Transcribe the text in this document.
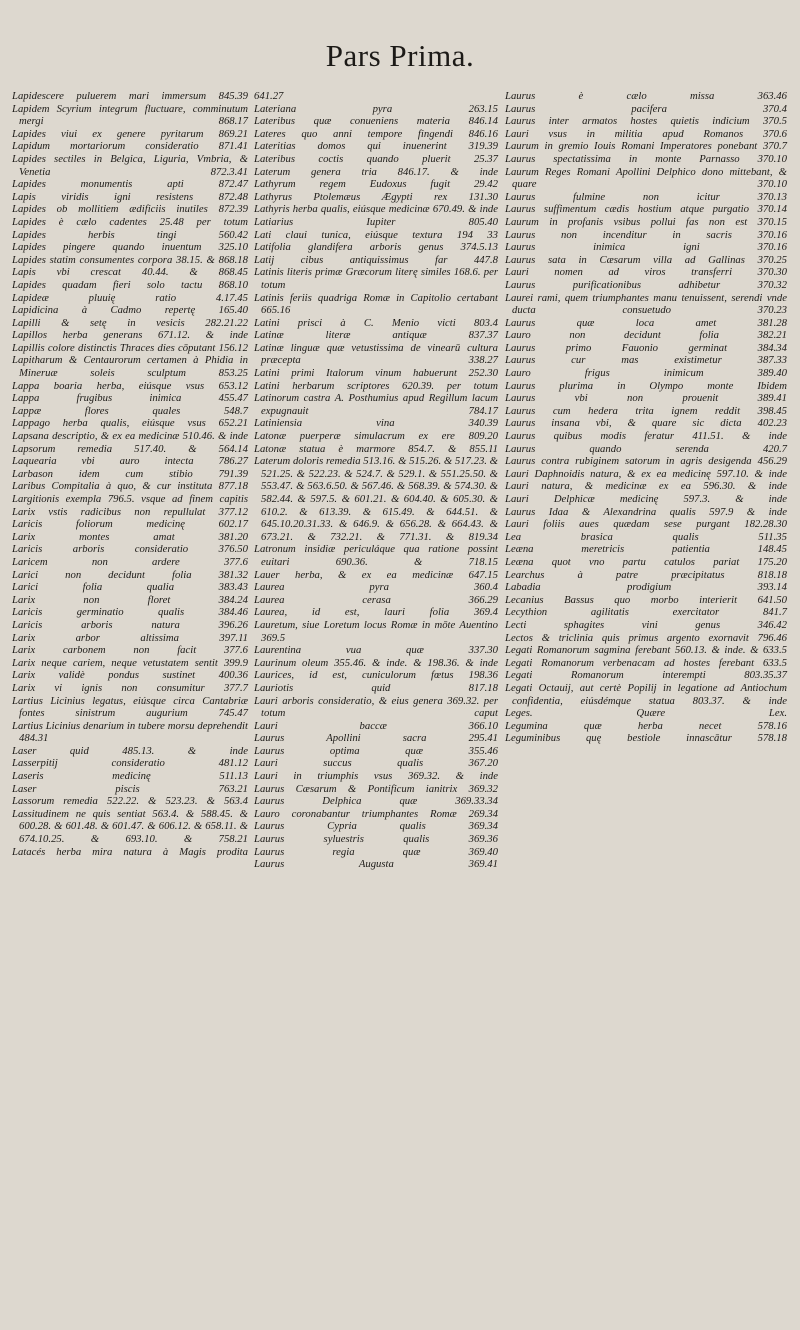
Pars Prima.
Lapidescere puluerem mari immersum 845.39
Lapidem Scyrium integrum fluctuare, comminutum mergi 868.17
Lapides viui ex genere pyritarum 869.21
Lapidum mortariorum consideratio 871.41
Lapides sectiles in Belgica, Liguria, Vmbria, & Venetia 872.3.41
Lapides monumentis apti 872.47
Lapis viridis igni resistens 872.48
Lapides ob mollitiem ædificiis inutiles 872.39
Lapides è cælo cadentes 25.48 per totum
Lapides herbis tingi 560.42
Lapides pingere quando inuentum 325.10
Lapides statim consumentes corpora 38.15. & 868.18
Lapis vbi crescat 40.44. & 868.45
Lapides quadam fieri solo tactu 868.10
Lapideæ pluuię ratio 4.17.45
Lapidicina à Cadmo repertę 165.40
Lapilli & setę in vesicis 282.21.22
Lapillos herba generans 671.12. & inde
Lapillis colore distinctis Thraces dies cōputant 156.12
Lapitharum & Centaurorum certamen à Phidia in Mineruæ soleis sculptum 853.25
Lappa boaria herba, eiúsque vsus 653.12
Lappa frugibus inimica 455.47
Lappæ flores quales 548.7
Lappago herba qualis, eiúsque vsus 652.21
Lapsana descriptio, & ex ea medicinæ 510.46. & inde
Lapsorum remedia 517.40. & 564.14
Laquearia vbi auro intecta 786.27
Larbason idem cum stibio 791.39
Laribus Compitalia à quo, & cur instituta 877.18
Largitionis exempla 796.5. vsque ad finem capitis
Larix vstis radicibus non repullulat 377.12
Laricis foliorum medicinę 602.17
Larix montes amat 381.20
Laricis arboris consideratio 376.50
Laricem non ardere 377.6
Larici non decidunt folia 381.32
Larici folia qualia 383.43
Larix non floret 384.24
Laricis germinatio qualis 384.46
Laricis arboris natura 396.26
Larix arbor altissima 397.11
Larix carbonem non facit 377.6
Larix neque cariem, neque vetustatem sentit 399.9
Larix validè pondus sustinet 400.36
Larix vi ignis non consumitur 377.7
Lartius Licinius legatus, eiúsque circa Cantabriæ fontes sinistrum augurium 745.47
Lartius Licinius denarium in tubere morsu deprehendit 484.31
Laser quid 485.13. & inde
Lasserpitij consideratio 481.12
Laseris medicinę 511.13
Laser piscis 763.21
Lassorum remedia 522.22. & 523.23. & 563.4
Lassitudinem ne quis sentiat 563.4. & 588.45. & 600.28. & 601.48. & 601.47. & 606.12. & 658.11. & 674.10.25. & 693.10. & 758.21
Latacés herba mira natura à Magis prodita
641.27
Lateriana pyra 263.15
Lateribus quæ conueniens materia 846.14
Lateres quo anni tempore fingendi 846.16
Lateritias domos qui inuenerint 319.39
Lateribus coctis quando pluerit 25.37
Laterum genera tria 846.17. & inde
Lathyrum regem Eudoxus fugit 29.42
Lathyrus Ptolemæus Ægypti rex 131.30
Lathyris herba qualis, eiúsque medicinæ 670.49. & inde
Latiarius Iupiter 805.40
Lati claui tunica, eiúsque textura 194 33
Latifolia glandifera arboris genus 374.5.13
Latij cibus antiquissimus far 447.8
Latinis literis primæ Græcorum literę similes 168.6. per totum
Latinis feriis quadriga Romæ in Capitolio certabant 665.16
Latini prisci à C. Menio victi 803.4
Latinæ literæ antiquæ 837.37
Latinæ linguæ quæ vetustissima de vinearū cultura præcepta 338.27
Latini primi Italorum vinum habuerunt 252.30
Latini herbarum scriptores 620.39. per totum
Latinorum castra A. Posthumius apud Regillum lacum expugnauit 784.17
Latiniensia vina 340.39
Latonæ puerperæ simulacrum ex ere 809.20
Latonæ statua è marmore 854.7. & 855.11
Laterum doloris remedia 513.16. & 515.26. & 517.23. & 521.25. & 522.23. & 524.7. & 529.1. & 551.25.50. & 553.47. & 563.6.50. & 567.46. & 568.39. & 574.30. & 582.44. & 597.5. & 601.21. & 604.40. & 605.30. & 610.2. & 613.39. & 615.49. & 644.51. & 645.10.20.31.33. & 646.9. & 656.28. & 664.43. & 673.21. & 732.21. & 771.31. & 819.34
Latronum insidiæ periculáque qua ratione possint euitari 690.36. & 718.15
Lauer herba, & ex ea medicinæ 647.15
Laurea pyra 360.4
Laurea cerasa 366.29
Laurea, id est, lauri folia 369.4
Lauretum, siue Loretum locus Romæ in mōte Auentino 369.5
Laurentina vua quæ 337.30
Laurinum oleum 355.46. & inde. & 198.36. & inde
Laurices, id est, cuniculorum fœtus 198.36
Lauriotis quid 817.18
Lauri arboris consideratio, & eius genera 369.32. per totum caput
Lauri baccæ 366.10
Laurus Apollini sacra 295.41
Laurus optima quæ 355.46
Lauri succus qualis 367.20
Lauri in triumphis vsus 369.32. & inde
Laurus Cæsarum & Pontificum ianitrix 369.32
Laurus Delphica quæ 369.33.34
Lauro coronabantur triumphantes Romæ 269.34
Laurus Cypria qualis 369.34
Laurus syluestris qualis 369.36
Laurus regia quæ 369.40
Laurus Augusta 369.41
Laurus è cælo missa 363.46
Laurus pacifera 370.4
Laurus inter armatos hostes quietis indicium 370.5
Lauri vsus in militia apud Romanos 370.6
Laurum in gremio Iouis Romani Imperatores ponebant 370.7
Laurus spectatissima in monte Parnasso 370.10
Laurum Reges Romani Apollini Delphico dono mittebant, & quare 370.10
Laurus fulmine non icitur 370.13
Laurus suffimentum cædis hostium atque purgatio 370.14
Laurum in profanis vsibus pollui fas non est 370.15
Laurus non incenditur in sacris 370.16
Laurus inimica igni 370.16
Laurus sata in Cæsarum villa ad Gallinas 370.25
Lauri nomen ad viros transferri 370.30
Laurus purificationibus adhibetur 370.32
Laurei rami, quem triumphantes manu tenuissent, serendi vnde ducta consuetudo 370.23
Laurus quæ loca amet 381.28
Lauro non decidunt folia 382.21
Laurus primo Fauonio germinat 384.34
Laurus cur mas existimetur 387.33
Lauro frigus inimicum 389.40
Laurus plurima in Olympo monte Ibidem
Laurus vbi non prouenit 389.41
Laurus cum hedera trita ignem reddit 398.45
Laurus insana vbi, & quare sic dicta 402.23
Laurus quibus modis feratur 411.51. & inde
Laurus quando serenda 420.7
Laurus contra rubiginem satorum in agris desigenda 456.29
Lauri Daphnoidis natura, & ex ea medicinę 597.10. & inde
Lauri natura, & medicinæ ex ea 596.30. & inde
Lauri Delphicæ medicinę 597.3. & inde
Laurus Idaa & Alexandrina qualis 597.9 & inde
Lauri foliis aues quædam sese purgant 182.28.30
Lea brasica qualis 511.35
Leæna meretricis patientia 148.45
Leæna quot vno partu catulos pariat 175.20
Learchus à patre præcipitatus 818.18
Labadia prodigium 393.14
Lecanius Bassus quo morbo interierit 641.50
Lecythion agilitatis exercitator 841.7
Lecti sphagites vini genus 346.42
Lectos & triclinia quis primus argento exornavit 796.46
Legati Romanorum sagmina ferebant 560.13. & inde. & 633.5
Legati Romanorum verbenacam ad hostes ferebant 633.5
Legati Romanorum interempti 803.35.37
Legati Octauij, aut certè Popilij in legatione ad Antiochum confidentia, eiúsdémque statua 803.37. & inde
Leges. Quære Lex.
Legumina quæ herba necet 578.16
Leguminibus quę bestiole innascātur 578.18
